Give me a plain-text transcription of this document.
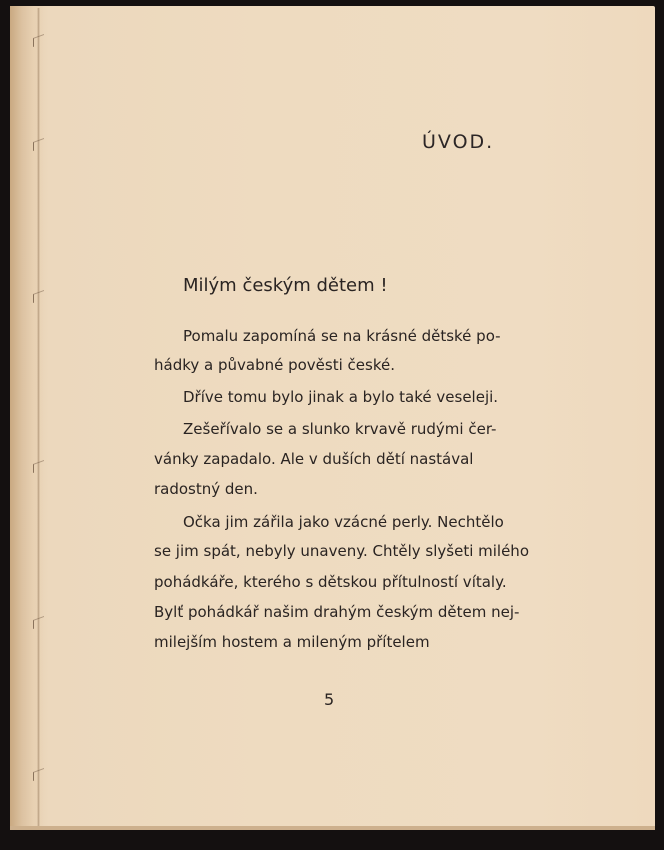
ÚVOD.
Milým českým dětem !
Pomalu zapomíná se na krásné dětské po-
hádky a půvabné pověsti české.
Dříve tomu bylo jinak a bylo také veseleji.
Zešeřívalo se a slunko krvavě rudými čer-
vánky zapadalo. Ale v duších dětí nastával
radostný den.
Očka jim zářila jako vzácné perly. Nechtělo
se jim spát, nebyly unaveny. Chtěly slyšeti milého
pohádkáře, kterého s dětskou přítulností vítaly.
Bylť pohádkář našim drahým českým dětem nej-
milejším hostem a mileným přítelem
5
